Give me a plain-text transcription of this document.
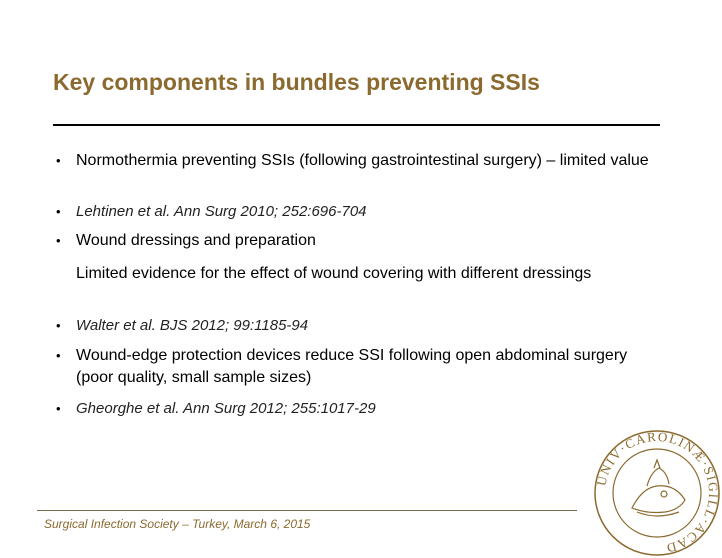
Key components in bundles preventing SSIs
• Normothermia preventing SSIs (following gastrointestinal surgery) – limited value
• Lehtinen et al. Ann Surg 2010; 252:696-704
• Wound dressings and preparation
• Walter et al. BJS 2012; 99:1185-94
• Wound-edge protection devices reduce SSI following open abdominal surgery (poor quality, small sample sizes)
• Gheorghe et al. Ann Surg 2012; 255:1017-29
Limited evidence for the effect of wound covering with different dressings
Surgical Infection Society – Turkey, March 6, 2015
UNIV·CAROLINÆ·SIGILL·ACAD
